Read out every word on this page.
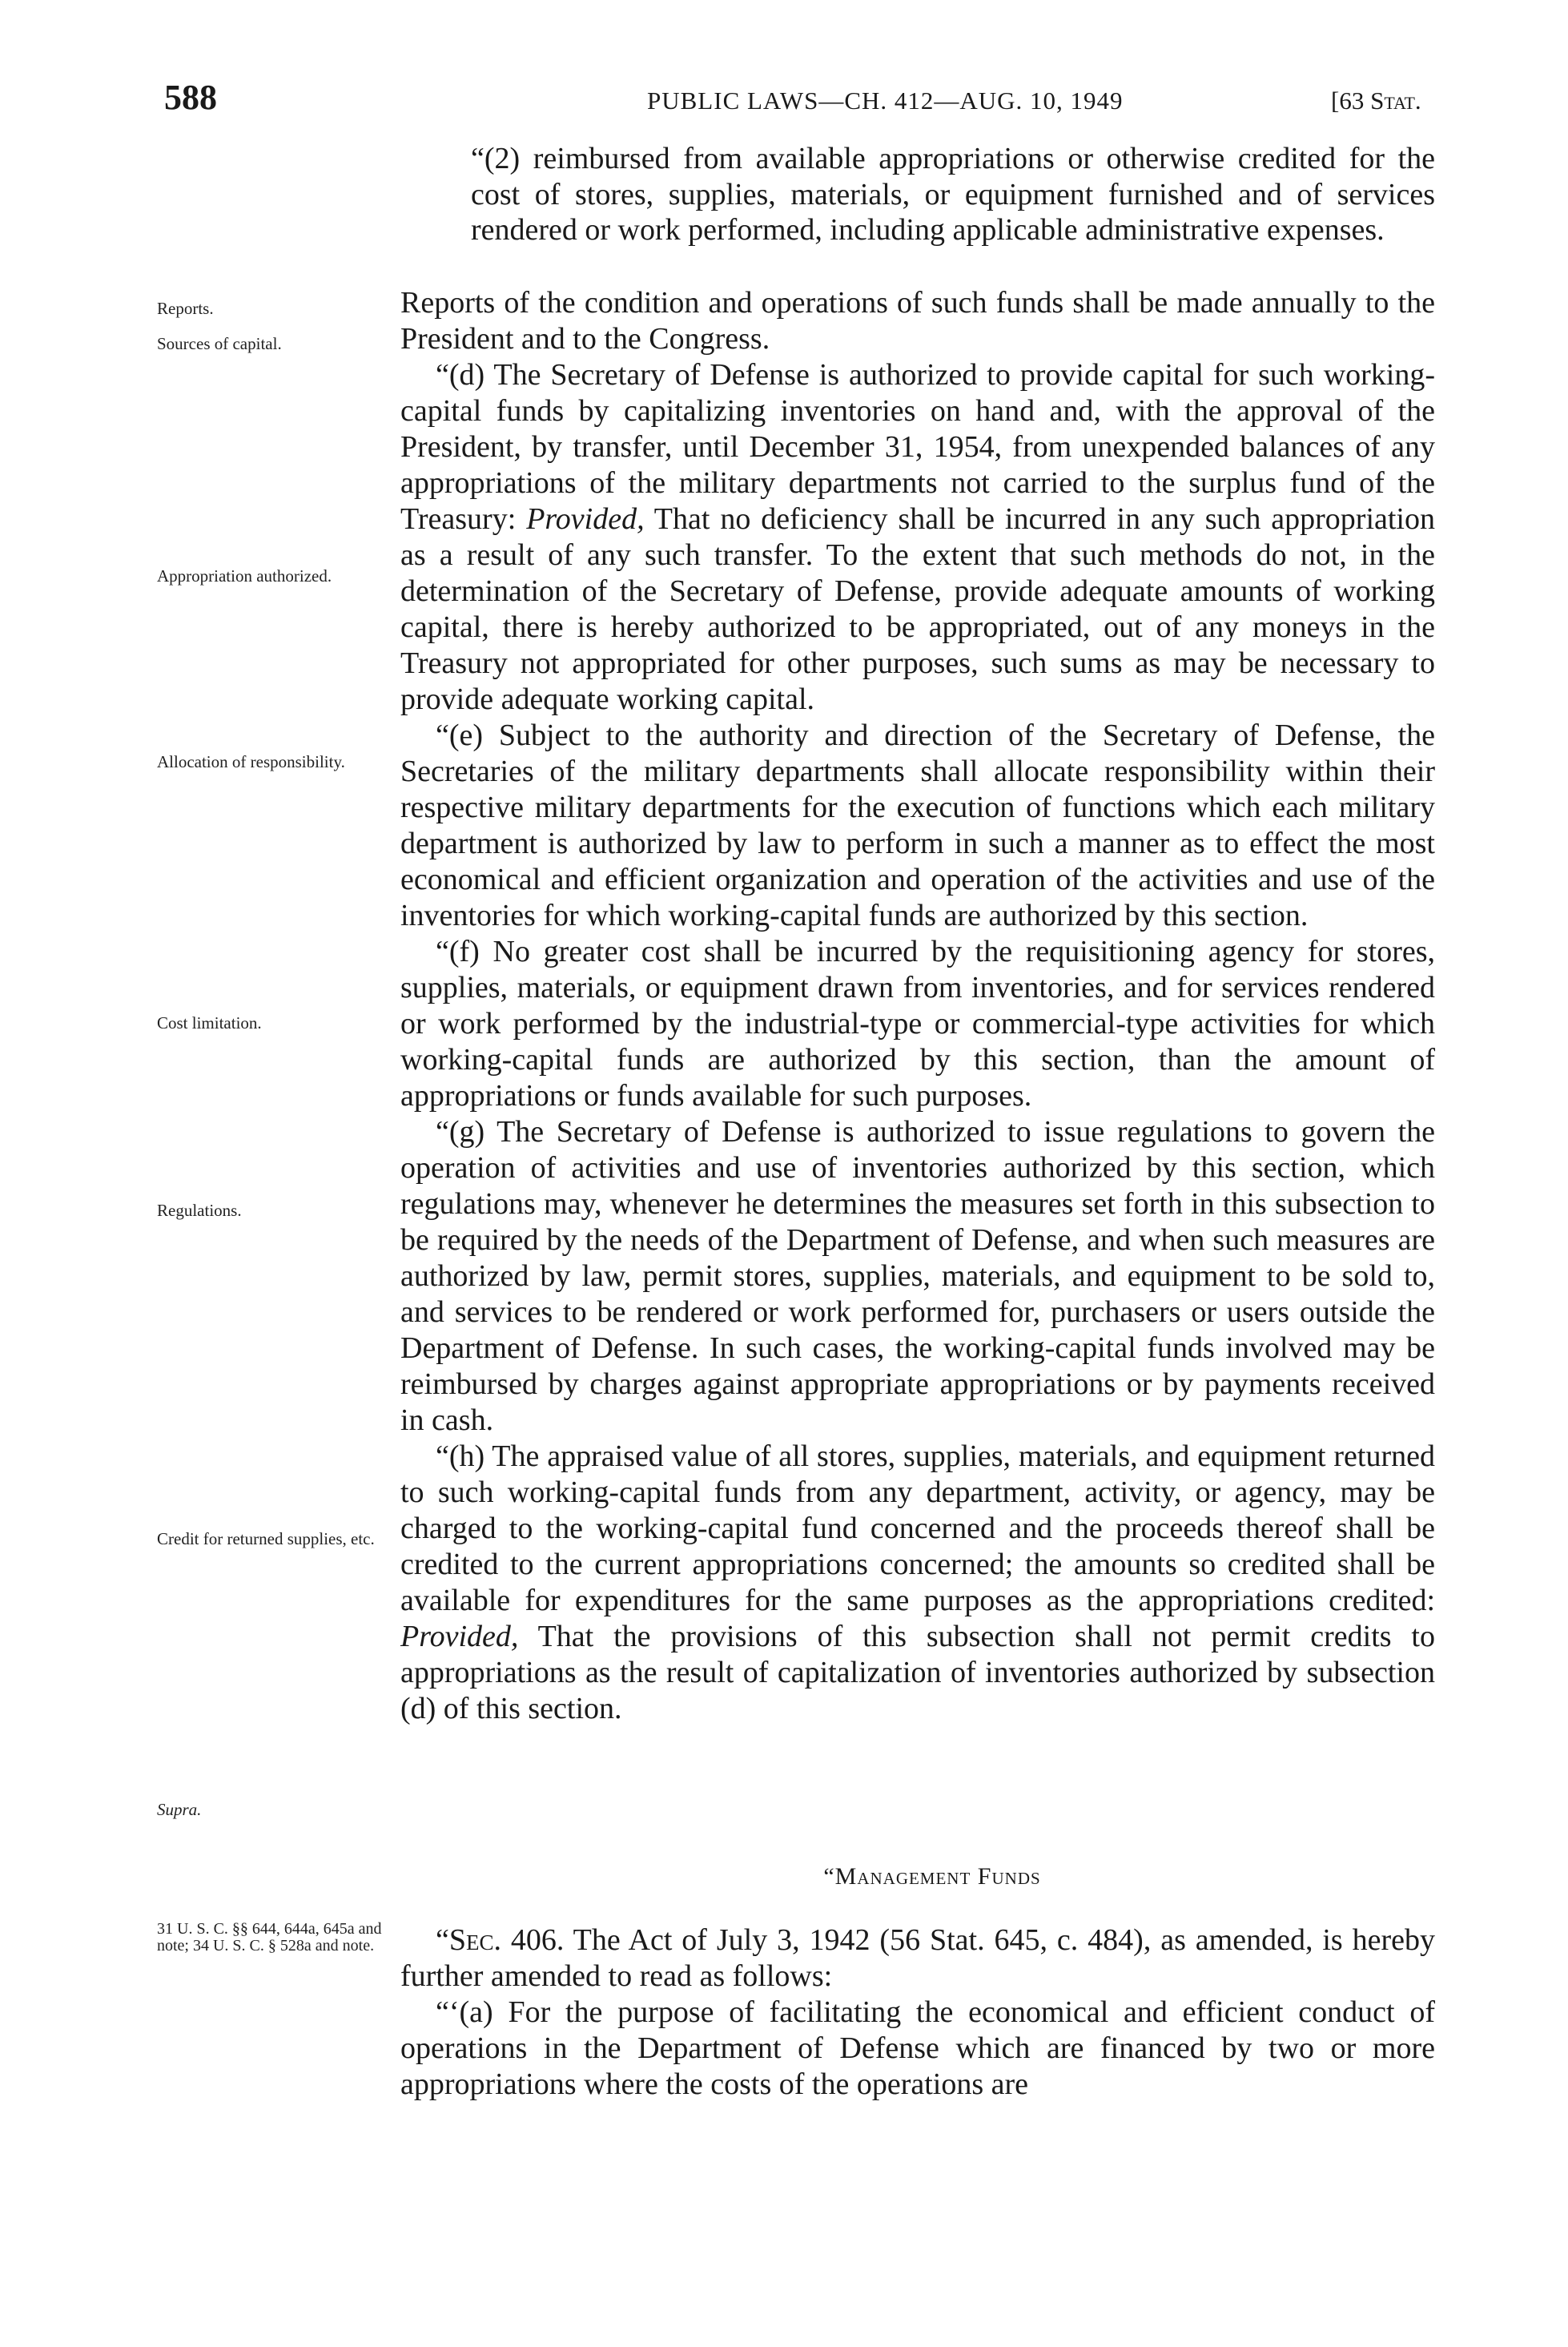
588	PUBLIC LAWS—CH. 412—AUG. 10, 1949	[63 Stat.

“(2) reimbursed from available appropriations or otherwise credited for the cost of stores, supplies, materials, or equipment furnished and of services rendered or work performed, including applicable administrative expenses.

Reports of the condition and operations of such funds shall be made annually to the President and to the Congress.

“(d) The Secretary of Defense is authorized to provide capital for such working-capital funds by capitalizing inventories on hand and, with the approval of the President, by transfer, until December 31, 1954, from unexpended balances of any appropriations of the military departments not carried to the surplus fund of the Treasury: Provided, That no deficiency shall be incurred in any such appropriation as a result of any such transfer. To the extent that such methods do not, in the determination of the Secretary of Defense, provide adequate amounts of working capital, there is hereby authorized to be appropriated, out of any moneys in the Treasury not appropriated for other purposes, such sums as may be necessary to provide adequate working capital.

“(e) Subject to the authority and direction of the Secretary of Defense, the Secretaries of the military departments shall allocate responsibility within their respective military departments for the execution of functions which each military department is authorized by law to perform in such a manner as to effect the most economical and efficient organization and operation of the activities and use of the inventories for which working-capital funds are authorized by this section.

“(f) No greater cost shall be incurred by the requisitioning agency for stores, supplies, materials, or equipment drawn from inventories, and for services rendered or work performed by the industrial-type or commercial-type activities for which working-capital funds are authorized by this section, than the amount of appropriations or funds available for such purposes.

“(g) The Secretary of Defense is authorized to issue regulations to govern the operation of activities and use of inventories authorized by this section, which regulations may, whenever he determines the measures set forth in this subsection to be required by the needs of the Department of Defense, and when such measures are authorized by law, permit stores, supplies, materials, and equipment to be sold to, and services to be rendered or work performed for, purchasers or users outside the Department of Defense. In such cases, the working-capital funds involved may be reimbursed by charges against appropriate appropriations or by payments received in cash.

“(h) The appraised value of all stores, supplies, materials, and equipment returned to such working-capital funds from any department, activity, or agency, may be charged to the working-capital fund concerned and the proceeds thereof shall be credited to the current appropriations concerned; the amounts so credited shall be available for expenditures for the same purposes as the appropriations credited: Provided, That the provisions of this subsection shall not permit credits to appropriations as the result of capitalization of inventories authorized by subsection (d) of this section.

“Management Funds

“Sec. 406. The Act of July 3, 1942 (56 Stat. 645, c. 484), as amended, is hereby further amended to read as follows:

“‘(a) For the purpose of facilitating the economical and efficient conduct of operations in the Department of Defense which are financed by two or more appropriations where the costs of the operations are

Reports.
Sources of capital.
Appropriation authorized.
Allocation of responsibility.
Cost limitation.
Regulations.
Credit for returned supplies, etc.
Supra.
31 U. S. C. §§ 644, 644a, 645a and note; 34 U. S. C. § 528a and note.
